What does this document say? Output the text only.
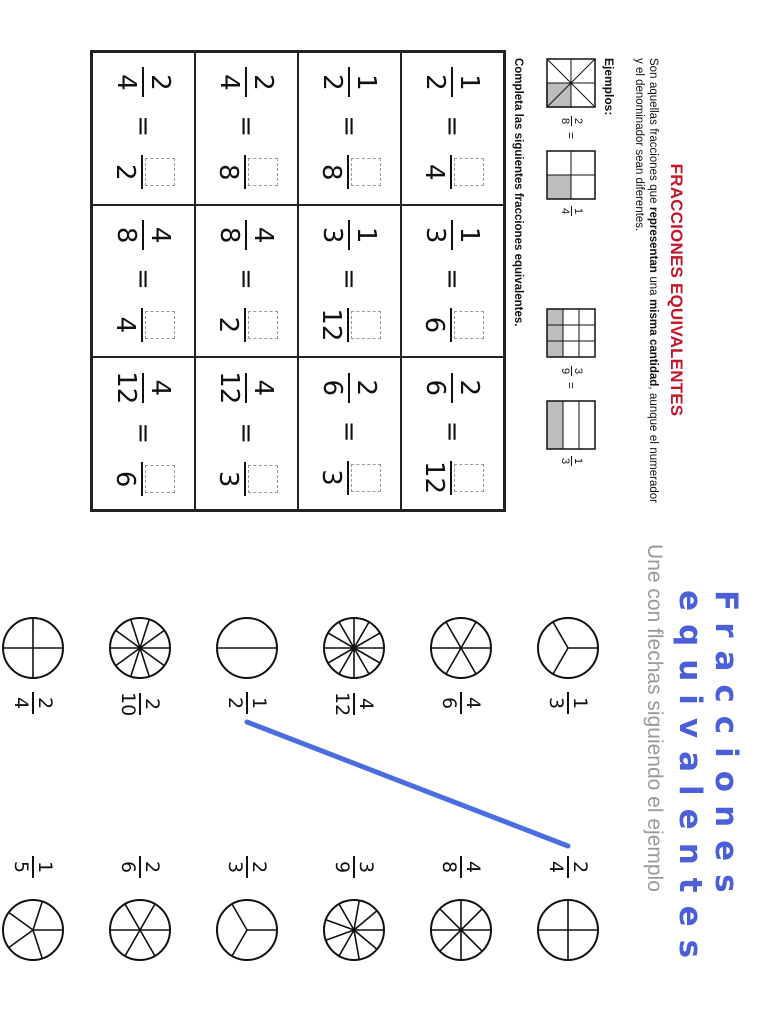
FRACCIONES EQUIVALENTES
Son aquellas fracciones que representan una misma cantidad, aunque el numerador y el denominador sean diferentes.
Ejemplos:
2
8
=
1
4
3
9
=
1
3
Completa las siguientes fracciones equivalentes.
1
2
=
4
1
3
=
6
2
6
=
12
1
2
=
8
1
3
=
12
2
6
=
3
2
4
=
8
4
8
=
2
4
12
=
3
2
4
=
2
4
8
=
4
4
12
=
6
Fracciones
equivalentes
Une con flechas siguiendo el ejemplo
1
3
4
6
4
12
1
2
2
10
2
4
2
4
4
8
3
9
2
3
2
6
1
5
